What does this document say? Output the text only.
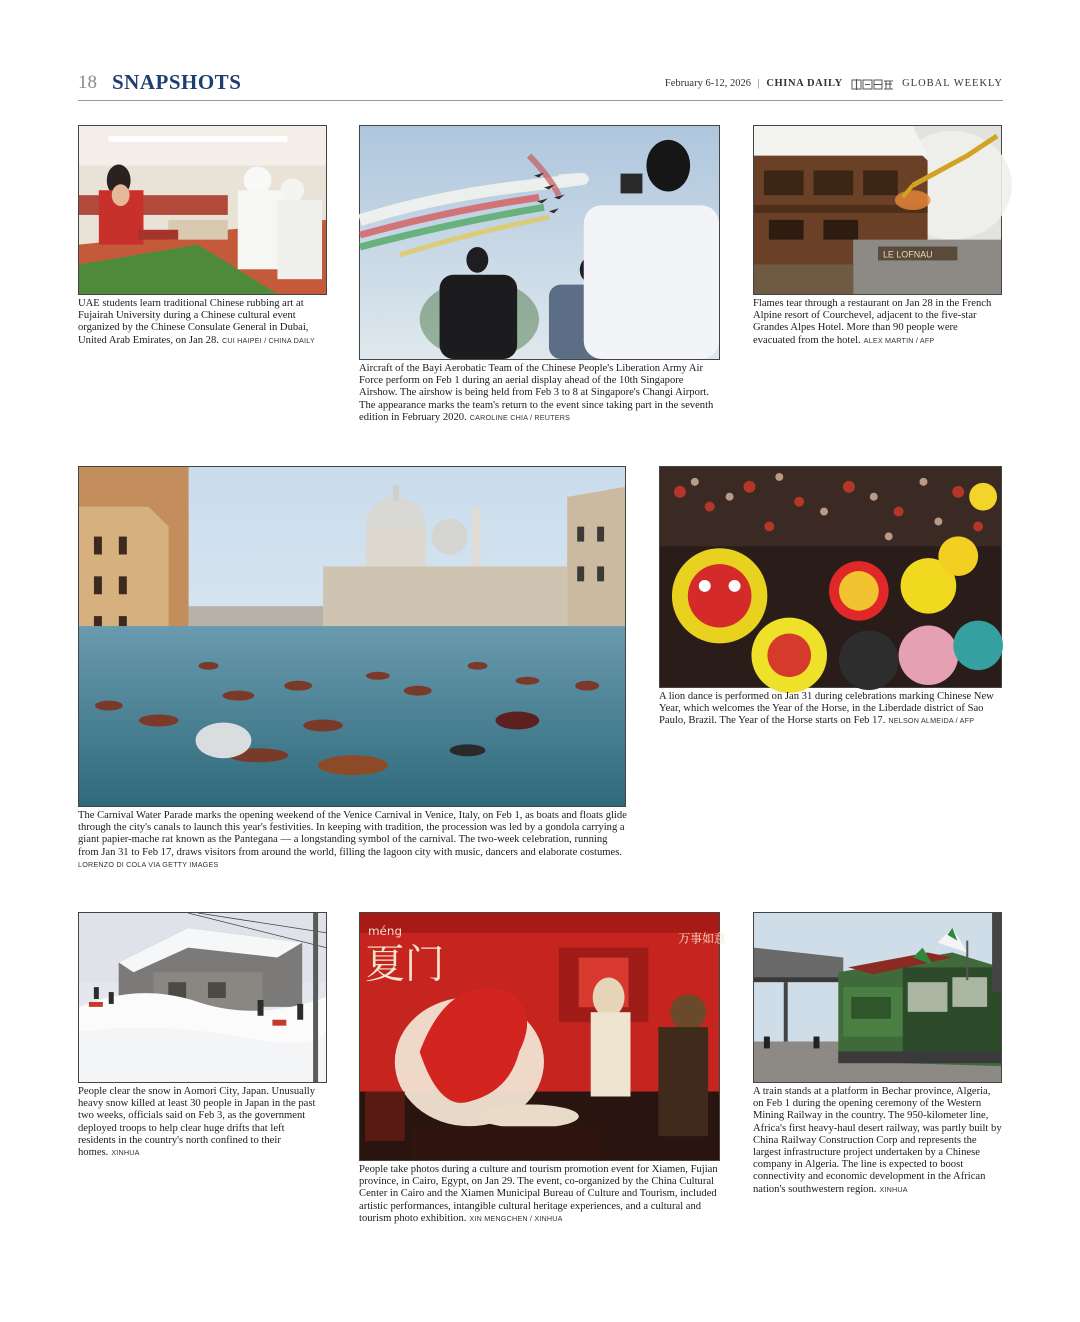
18 SNAPSHOTS	February 6-12, 2026 | CHINA DAILY	GLOBAL WEEKLY
UAE students learn traditional Chinese rubbing art at Fujairah University during a Chinese cultural event organized by the Chinese Consulate General in Dubai, United Arab Emirates, on Jan 28. CUI HAIPEI / CHINA DAILY
Aircraft of the Bayi Aerobatic Team of the Chinese People's Liberation Army Air Force perform on Feb 1 during an aerial display ahead of the 10th Singapore Airshow. The airshow is being held from Feb 3 to 8 at Singapore's Changi Airport. The appearance marks the team's return to the event since taking part in the seventh edition in February 2020. CAROLINE CHIA / REUTERS
LE LOFNAU
Flames tear through a restaurant on Jan 28 in the French Alpine resort of Courchevel, adjacent to the five-star Grandes Alpes Hotel. More than 90 people were evacuated from the hotel. ALEX MARTIN / AFP
The Carnival Water Parade marks the opening weekend of the Venice Carnival in Venice, Italy, on Feb 1, as boats and floats glide through the city's canals to launch this year's festivities. In keeping with tradition, the procession was led by a gondola carrying a giant papier-mache rat known as the Pantegana — a longstanding symbol of the carnival. The two-week celebration, running from Jan 31 to Feb 17, draws visitors from around the world, filling the lagoon city with music, dancers and elaborate costumes.
LORENZO DI COLA VIA GETTY IMAGES
A lion dance is performed on Jan 31 during celebrations marking Chinese New Year, which welcomes the Year of the Horse, in the Liberdade district of Sao Paulo, Brazil. The Year of the Horse starts on Feb 17. NELSON ALMEIDA / AFP
People clear the snow in Aomori City, Japan. Unusually heavy snow killed at least 30 people in Japan in the past two weeks, officials said on Feb 3, as the government deployed troops to help clear huge drifts that left residents in the country's north confined to their homes. XINHUA
méng
夏门
万事如意
People take photos during a culture and tourism promotion event for Xiamen, Fujian province, in Cairo, Egypt, on Jan 29. The event, co-organized by the China Cultural Center in Cairo and the Xiamen Municipal Bureau of Culture and Tourism, included artistic performances, intangible cultural heritage experiences, and a cultural and tourism photo exhibition. XIN MENGCHEN / XINHUA
A train stands at a platform in Bechar province, Algeria, on Feb 1 during the opening ceremony of the Western Mining Railway in the country. The 950-kilometer line, Africa's first heavy-haul desert railway, was partly built by China Railway Construction Corp and represents the largest infrastructure project undertaken by a Chinese company in Algeria. The line is expected to boost connectivity and economic development in the African nation's southwestern region. XINHUA
